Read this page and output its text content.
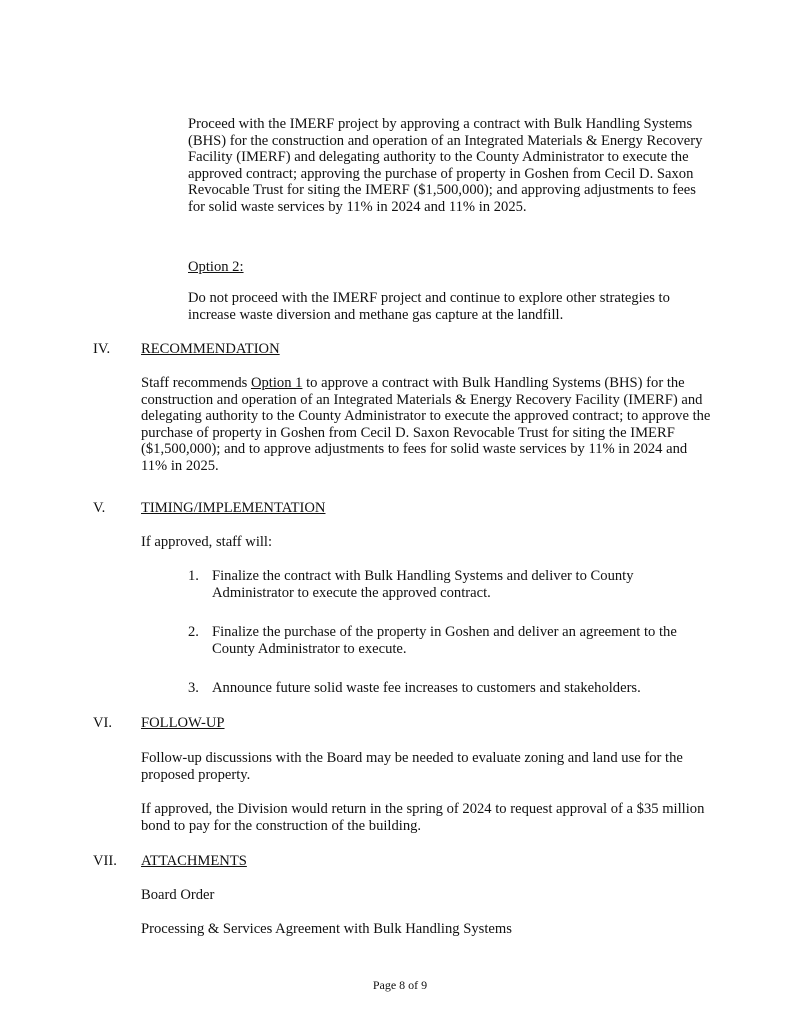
Proceed with the IMERF project by approving a contract with Bulk Handling Systems (BHS) for the construction and operation of an Integrated Materials & Energy Recovery Facility (IMERF) and delegating authority to the County Administrator to execute the approved contract; approving the purchase of property in Goshen from Cecil D. Saxon Revocable Trust for siting the IMERF ($1,500,000); and approving adjustments to fees for solid waste services by 11% in 2024 and 11% in 2025.

Option 2:

Do not proceed with the IMERF project and continue to explore other strategies to increase waste diversion and methane gas capture at the landfill.

IV. RECOMMENDATION

Staff recommends Option 1 to approve a contract with Bulk Handling Systems (BHS) for the construction and operation of an Integrated Materials & Energy Recovery Facility (IMERF) and delegating authority to the County Administrator to execute the approved contract; to approve the purchase of property in Goshen from Cecil D. Saxon Revocable Trust for siting the IMERF ($1,500,000); and to approve adjustments to fees for solid waste services by 11% in 2024 and 11% in 2025.

V. TIMING/IMPLEMENTATION

If approved, staff will:

1. Finalize the contract with Bulk Handling Systems and deliver to County Administrator to execute the approved contract.
2. Finalize the purchase of the property in Goshen and deliver an agreement to the County Administrator to execute.
3. Announce future solid waste fee increases to customers and stakeholders.
VI. FOLLOW-UP

Follow-up discussions with the Board may be needed to evaluate zoning and land use for the proposed property.

If approved, the Division would return in the spring of 2024 to request approval of a $35 million bond to pay for the construction of the building.

VII. ATTACHMENTS

Board Order

Processing & Services Agreement with Bulk Handling Systems

Page 8 of 9
